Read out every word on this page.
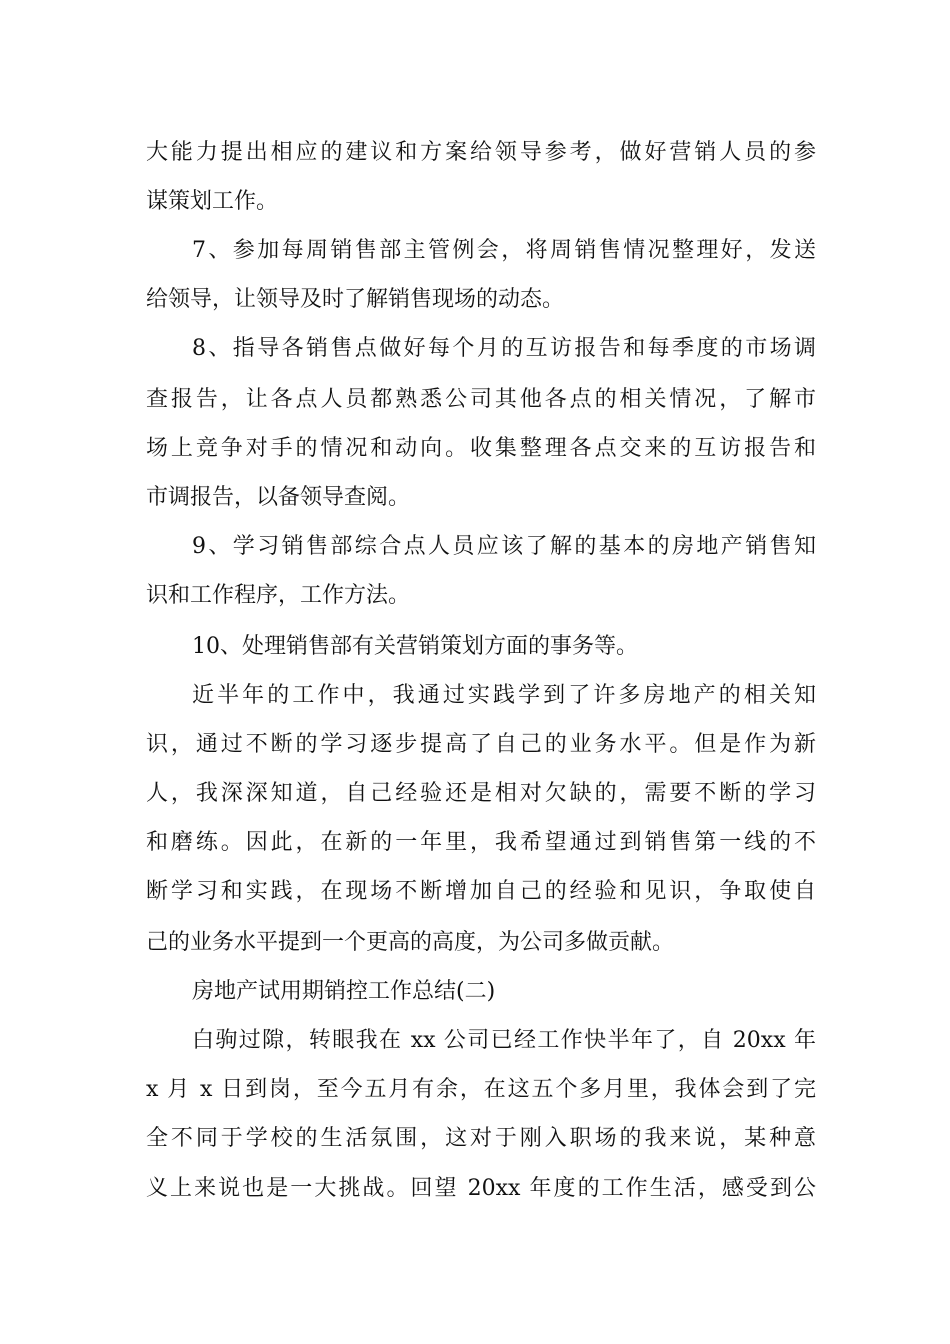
大能力提出相应的建议和方案给领导参考，做好营销人员的参
谋策划工作。
7、参加每周销售部主管例会，将周销售情况整理好，发送
给领导，让领导及时了解销售现场的动态。
8、指导各销售点做好每个月的互访报告和每季度的市场调
查报告，让各点人员都熟悉公司其他各点的相关情况，了解市
场上竞争对手的情况和动向。收集整理各点交来的互访报告和
市调报告，以备领导查阅。
9、学习销售部综合点人员应该了解的基本的房地产销售知
识和工作程序，工作方法。
10、处理销售部有关营销策划方面的事务等。
近半年的工作中，我通过实践学到了许多房地产的相关知
识，通过不断的学习逐步提高了自己的业务水平。但是作为新
人，我深深知道，自己经验还是相对欠缺的，需要不断的学习
和磨练。因此，在新的一年里，我希望通过到销售第一线的不
断学习和实践，在现场不断增加自己的经验和见识，争取使自
己的业务水平提到一个更高的高度，为公司多做贡献。
房地产试用期销控工作总结(二)
白驹过隙，转眼我在 xx 公司已经工作快半年了，自 20xx 年
x 月 x 日到岗，至今五月有余，在这五个多月里，我体会到了完
全不同于学校的生活氛围，这对于刚入职场的我来说，某种意
义上来说也是一大挑战。回望 20xx 年度的工作生活，感受到公
